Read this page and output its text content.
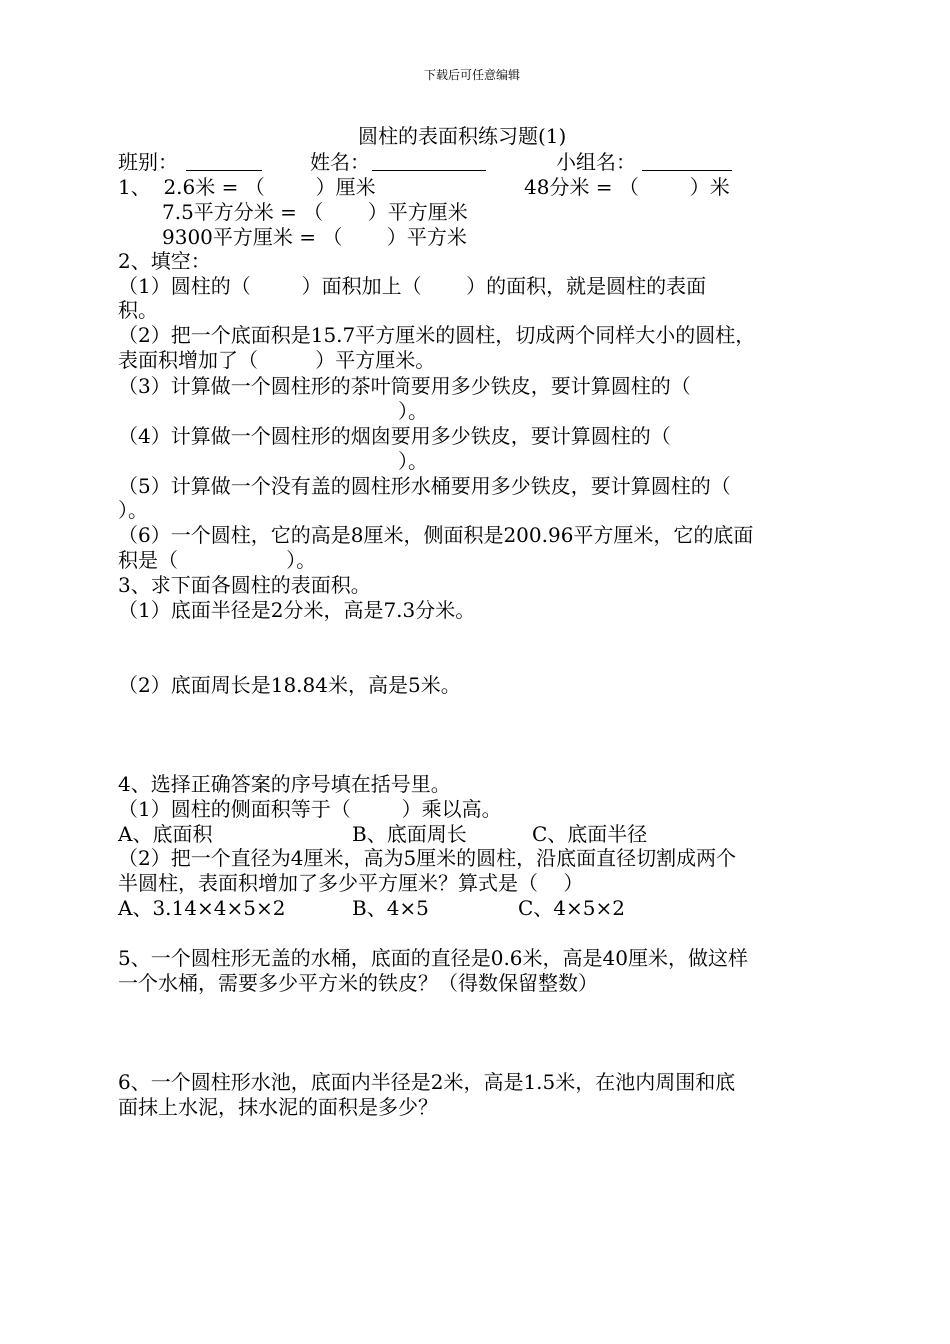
下载后可任意编辑
圆柱的表面积练习题(1)
班别：	姓名：	小组名：
1、  2.6米 = （        ）厘米	48分米 = （        ）米
7.5平方分米 = （       ）平方厘米
9300平方厘米 = （       ）平方米
2、填空：
（1）圆柱的（        ）面积加上（       ）的面积，就是圆柱的表面
积。
（2）把一个底面积是15.7平方厘米的圆柱，切成两个同样大小的圆柱，
表面积增加了（         ）平方厘米。
（3）计算做一个圆柱形的茶叶筒要用多少铁皮，要计算圆柱的（
）。
（4）计算做一个圆柱形的烟囱要用多少铁皮，要计算圆柱的（
）。
（5）计算做一个没有盖的圆柱形水桶要用多少铁皮，要计算圆柱的（
）。
（6）一个圆柱，它的高是8厘米，侧面积是200.96平方厘米，它的底面
积是（                 ）。
3、求下面各圆柱的表面积。
（1）底面半径是2分米，高是7.3分米。
（2）底面周长是18.84米，高是5米。
4、选择正确答案的序号填在括号里。
（1）圆柱的侧面积等于（        ）乘以高。
A、底面积	B、底面周长	C、底面半径
（2）把一个直径为4厘米，高为5厘米的圆柱，沿底面直径切割成两个
半圆柱，表面积增加了多少平方厘米？算式是（    ）
A、3.14×4×5×2	B、4×5	C、4×5×2
5、一个圆柱形无盖的水桶，底面的直径是0.6米，高是40厘米，做这样
一个水桶，需要多少平方米的铁皮？（得数保留整数）
6、一个圆柱形水池，底面内半径是2米，高是1.5米，在池内周围和底
面抹上水泥，抹水泥的面积是多少？
